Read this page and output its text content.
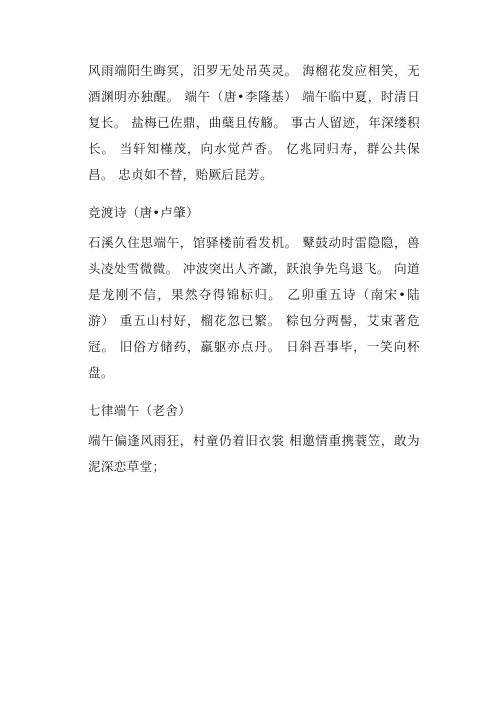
风雨端阳生晦冥，汨罗无处吊英灵。 海榴花发应相笑，无酒渊明亦独醒。 端午（唐•李隆基） 端午临中夏，时清日复长。 盐梅已佐鼎，曲蘖且传觞。 事古人留迹，年深缕积长。 当轩知槿茂，向水觉芦香。 亿兆同归寿，群公共保昌。 忠贞如不替，贻厥后昆芳。

竞渡诗（唐•卢肇）

石溪久住思端午，馆驿楼前看发机。 鼙鼓动时雷隐隐，兽头凌处雪微微。 冲波突出人齐譀，跃浪争先鸟退飞。 向道是龙刚不信，果然夺得锦标归。 乙卯重五诗（南宋•陆游） 重五山村好，榴花忽已繁。 粽包分两髻，艾束著危冠。 旧俗方储药，羸躯亦点丹。 日斜吾事毕，一笑向杯盘。

七律端午（老舍）

端午偏逢风雨狂，村童仍着旧衣裳 相邀情重携蓑笠，敢为泥深恋草堂；
